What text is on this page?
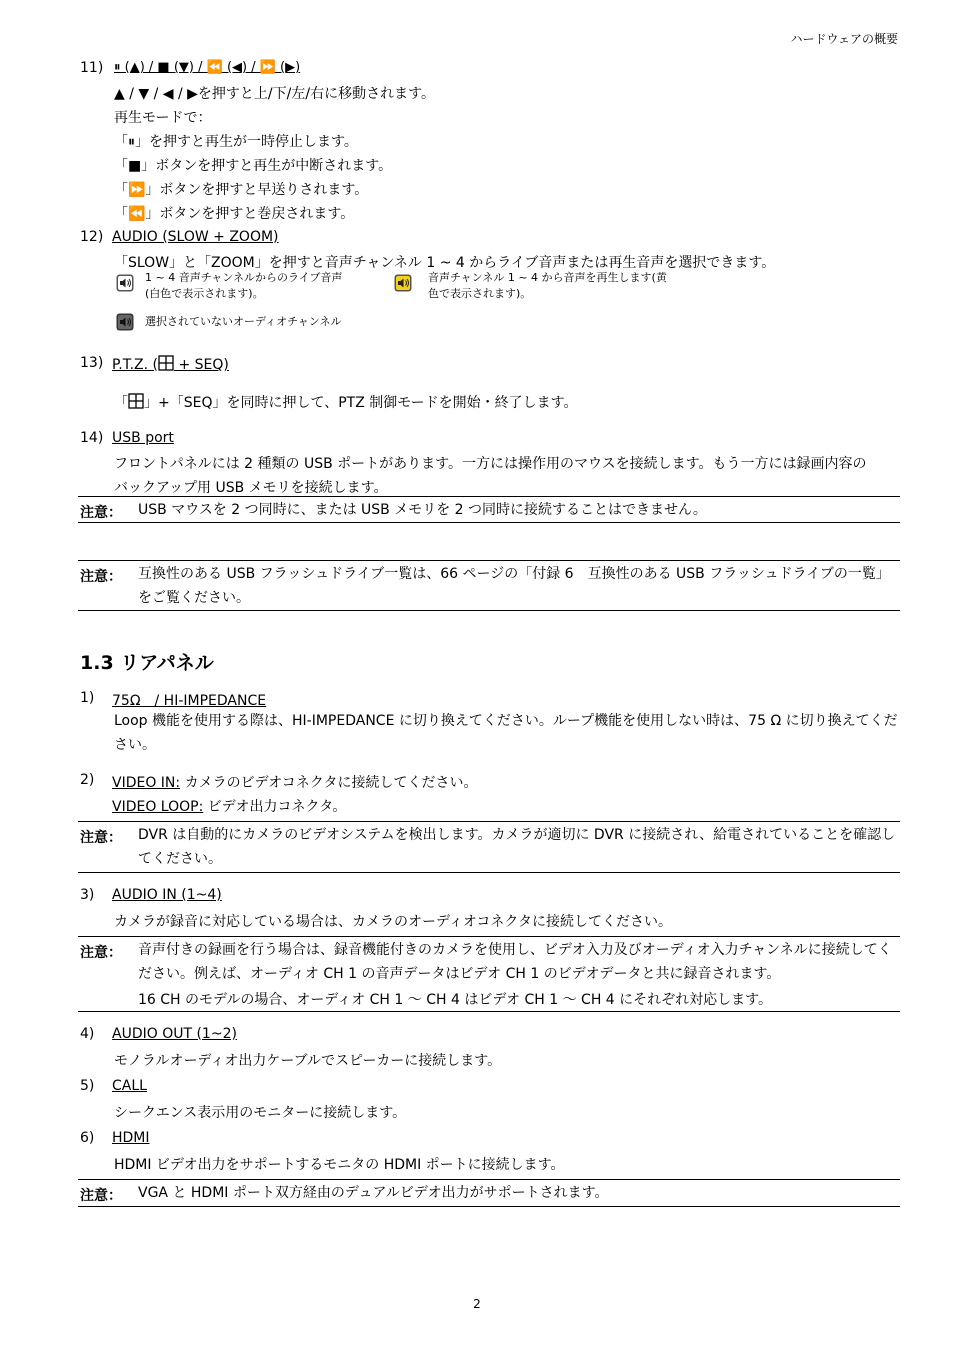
ハードウェアの概要
11) ⏸ (▲) / ■ (▼) / ⏪ (◀) / ⏩ (▶)
▲ / ▼ / ◀ / ▶を押すと上/下/左/右に移動されます。
再生モードで：
「⏸」を押すと再生が一時停止します。
「■」ボタンを押すと再生が中断されます。
「⏩」ボタンを押すと早送りされます。
「⏪」ボタンを押すと巻戻されます。
12) AUDIO (SLOW + ZOOM)
「SLOW」と「ZOOM」を押すと音声チャンネル 1 ~ 4 からライブ音声または再生音声を選択できます。
1 ~ 4 音声チャンネルからのライブ音声
(白色で表示されます)。
音声チャンネル 1 ~ 4 から音声を再生します(黄
色で表示されます)。
選択されていないオーディオチャンネル
13) P.T.Z. ( + SEQ)
「 」+「SEQ」を同時に押して、PTZ 制御モードを開始・終了します。
14) USB port
フロントパネルには 2 種類の USB ポートがあります。一方には操作用のマウスを接続します。もう一方には録画内容の
バックアップ用 USB メモリを接続します。
注意： USB マウスを 2 つ同時に、または USB メモリを 2 つ同時に接続することはできません。
注意： 互換性のある USB フラッシュドライブ一覧は、66 ページの「付録 6　互換性のある USB フラッシュドライブの一覧」をご覧ください。
1.3 リアパネル
1)	75Ω　/ HI-IMPEDANCE
Loop 機能を使用する際は、HI-IMPEDANCE に切り換えてください。ループ機能を使用しない時は、75 Ω に切り換えてください。
2)	VIDEO IN: カメラのビデオコネクタに接続してください。
VIDEO LOOP: ビデオ出力コネクタ。
注意： DVR は自動的にカメラのビデオシステムを検出します。カメラが適切に DVR に接続され、給電されていることを確認してください。
3)	AUDIO IN (1~4)
カメラが録音に対応している場合は、カメラのオーディオコネクタに接続してください。
注意： 音声付きの録画を行う場合は、録音機能付きのカメラを使用し、ビデオ入力及びオーディオ入力チャンネルに接続してください。例えば、オーディオ CH 1 の音声データはビデオ CH 1 のビデオデータと共に録音されます。
16 CH のモデルの場合、オーディオ CH 1 ～ CH 4 はビデオ CH 1 ～ CH 4 にそれぞれ対応します。
4)	AUDIO OUT (1~2)
モノラルオーディオ出力ケーブルでスピーカーに接続します。
5)	CALL
シークエンス表示用のモニターに接続します。
6)	HDMI
HDMI ビデオ出力をサポートするモニタの HDMI ポートに接続します。
注意： VGA と HDMI ポート双方経由のデュアルビデオ出力がサポートされます。
2
